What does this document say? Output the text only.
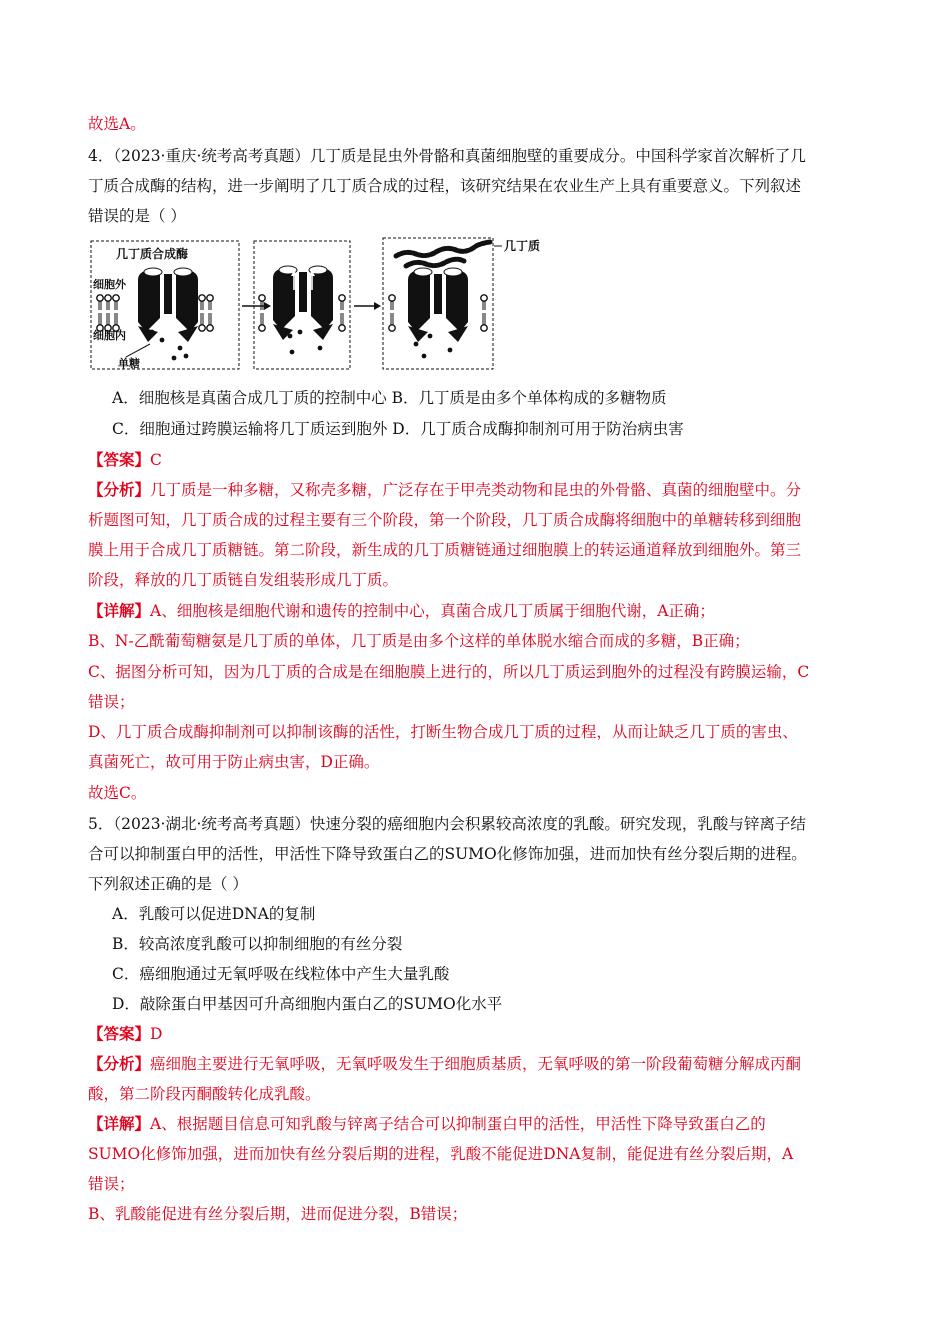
故选A。
4．（2023·重庆·统考高考真题）几丁质是昆虫外骨骼和真菌细胞壁的重要成分。中国科学家首次解析了几
丁质合成酶的结构，进一步阐明了几丁质合成的过程，该研究结果在农业生产上具有重要意义。下列叙述
错误的是（ ）
A．细胞核是真菌合成几丁质的控制中心 B．几丁质是由多个单体构成的多糖物质
C．细胞通过跨膜运输将几丁质运到胞外 D．几丁质合成酶抑制剂可用于防治病虫害
【答案】C
【分析】几丁质是一种多糖，又称壳多糖，广泛存在于甲壳类动物和昆虫的外骨骼、真菌的细胞壁中。分
析题图可知，几丁质合成的过程主要有三个阶段，第一个阶段，几丁质合成酶将细胞中的单糖转移到细胞
膜上用于合成几丁质糖链。第二阶段，新生成的几丁质糖链通过细胞膜上的转运通道释放到细胞外。第三
阶段，释放的几丁质链自发组装形成几丁质。
【详解】A、细胞核是细胞代谢和遗传的控制中心，真菌合成几丁质属于细胞代谢，A正确；
B、N-乙酰葡萄糖氨是几丁质的单体，几丁质是由多个这样的单体脱水缩合而成的多糖，B正确；
C、据图分析可知，因为几丁质的合成是在细胞膜上进行的，所以几丁质运到胞外的过程没有跨膜运输，C
错误；
D、几丁质合成酶抑制剂可以抑制该酶的活性，打断生物合成几丁质的过程，从而让缺乏几丁质的害虫、
真菌死亡，故可用于防止病虫害，D正确。
故选C。
5．（2023·湖北·统考高考真题）快速分裂的癌细胞内会积累较高浓度的乳酸。研究发现，乳酸与锌离子结
合可以抑制蛋白甲的活性，甲活性下降导致蛋白乙的SUMO化修饰加强，进而加快有丝分裂后期的进程。
下列叙述正确的是（ ）
A．乳酸可以促进DNA的复制
B．较高浓度乳酸可以抑制细胞的有丝分裂
C．癌细胞通过无氧呼吸在线粒体中产生大量乳酸
D．敲除蛋白甲基因可升高细胞内蛋白乙的SUMO化水平
【答案】D
【分析】癌细胞主要进行无氧呼吸，无氧呼吸发生于细胞质基质，无氧呼吸的第一阶段葡萄糖分解成丙酮
酸，第二阶段丙酮酸转化成乳酸。
【详解】A、根据题目信息可知乳酸与锌离子结合可以抑制蛋白甲的活性，甲活性下降导致蛋白乙的
SUMO化修饰加强，进而加快有丝分裂后期的进程，乳酸不能促进DNA复制，能促进有丝分裂后期，A
错误；
B、乳酸能促进有丝分裂后期，进而促进分裂，B错误；
几丁质合成酶
细胞外
细胞内
单糖
几丁质
